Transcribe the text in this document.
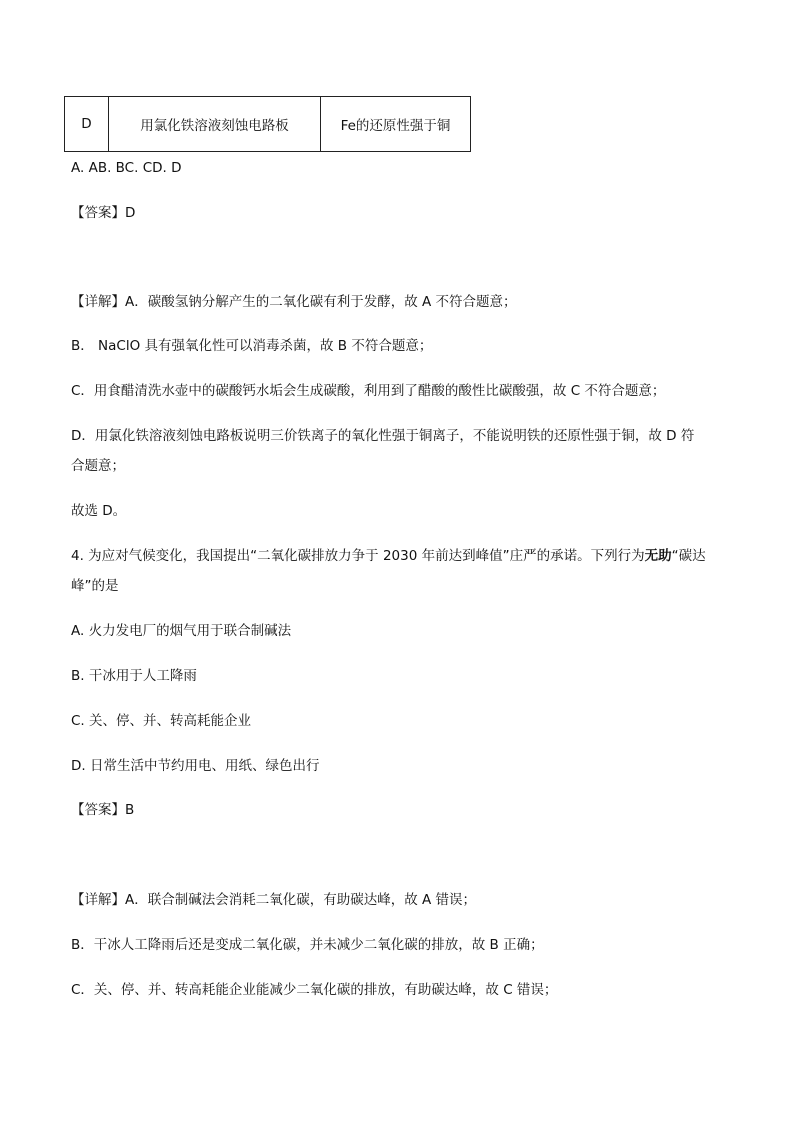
D	用氯化铁溶液刻蚀电路板	Fe的还原性强于铜
A. AB. BC. CD. D
【答案】D
【详解】A．碳酸氢钠分解产生的二氧化碳有利于发酵，故 A 不符合题意；
B． NaClO 具有强氧化性可以消毒杀菌，故 B 不符合题意；
C．用食醋清洗水壶中的碳酸钙水垢会生成碳酸，利用到了醋酸的酸性比碳酸强，故 C 不符合题意；
D．用氯化铁溶液刻蚀电路板说明三价铁离子的氧化性强于铜离子，不能说明铁的还原性强于铜，故 D 符
合题意；
故选 D。
4. 为应对气候变化，我国提出“二氧化碳排放力争于 2030 年前达到峰值”庄严的承诺。下列行为无助“碳达
峰”的是
A. 火力发电厂的烟气用于联合制碱法
B. 干冰用于人工降雨
C. 关、停、并、转高耗能企业
D. 日常生活中节约用电、用纸、绿色出行
【答案】B
【详解】A．联合制碱法会消耗二氧化碳，有助碳达峰，故 A 错误；
B．干冰人工降雨后还是变成二氧化碳，并未减少二氧化碳的排放，故 B 正确；
C．关、停、并、转高耗能企业能减少二氧化碳的排放，有助碳达峰，故 C 错误；
